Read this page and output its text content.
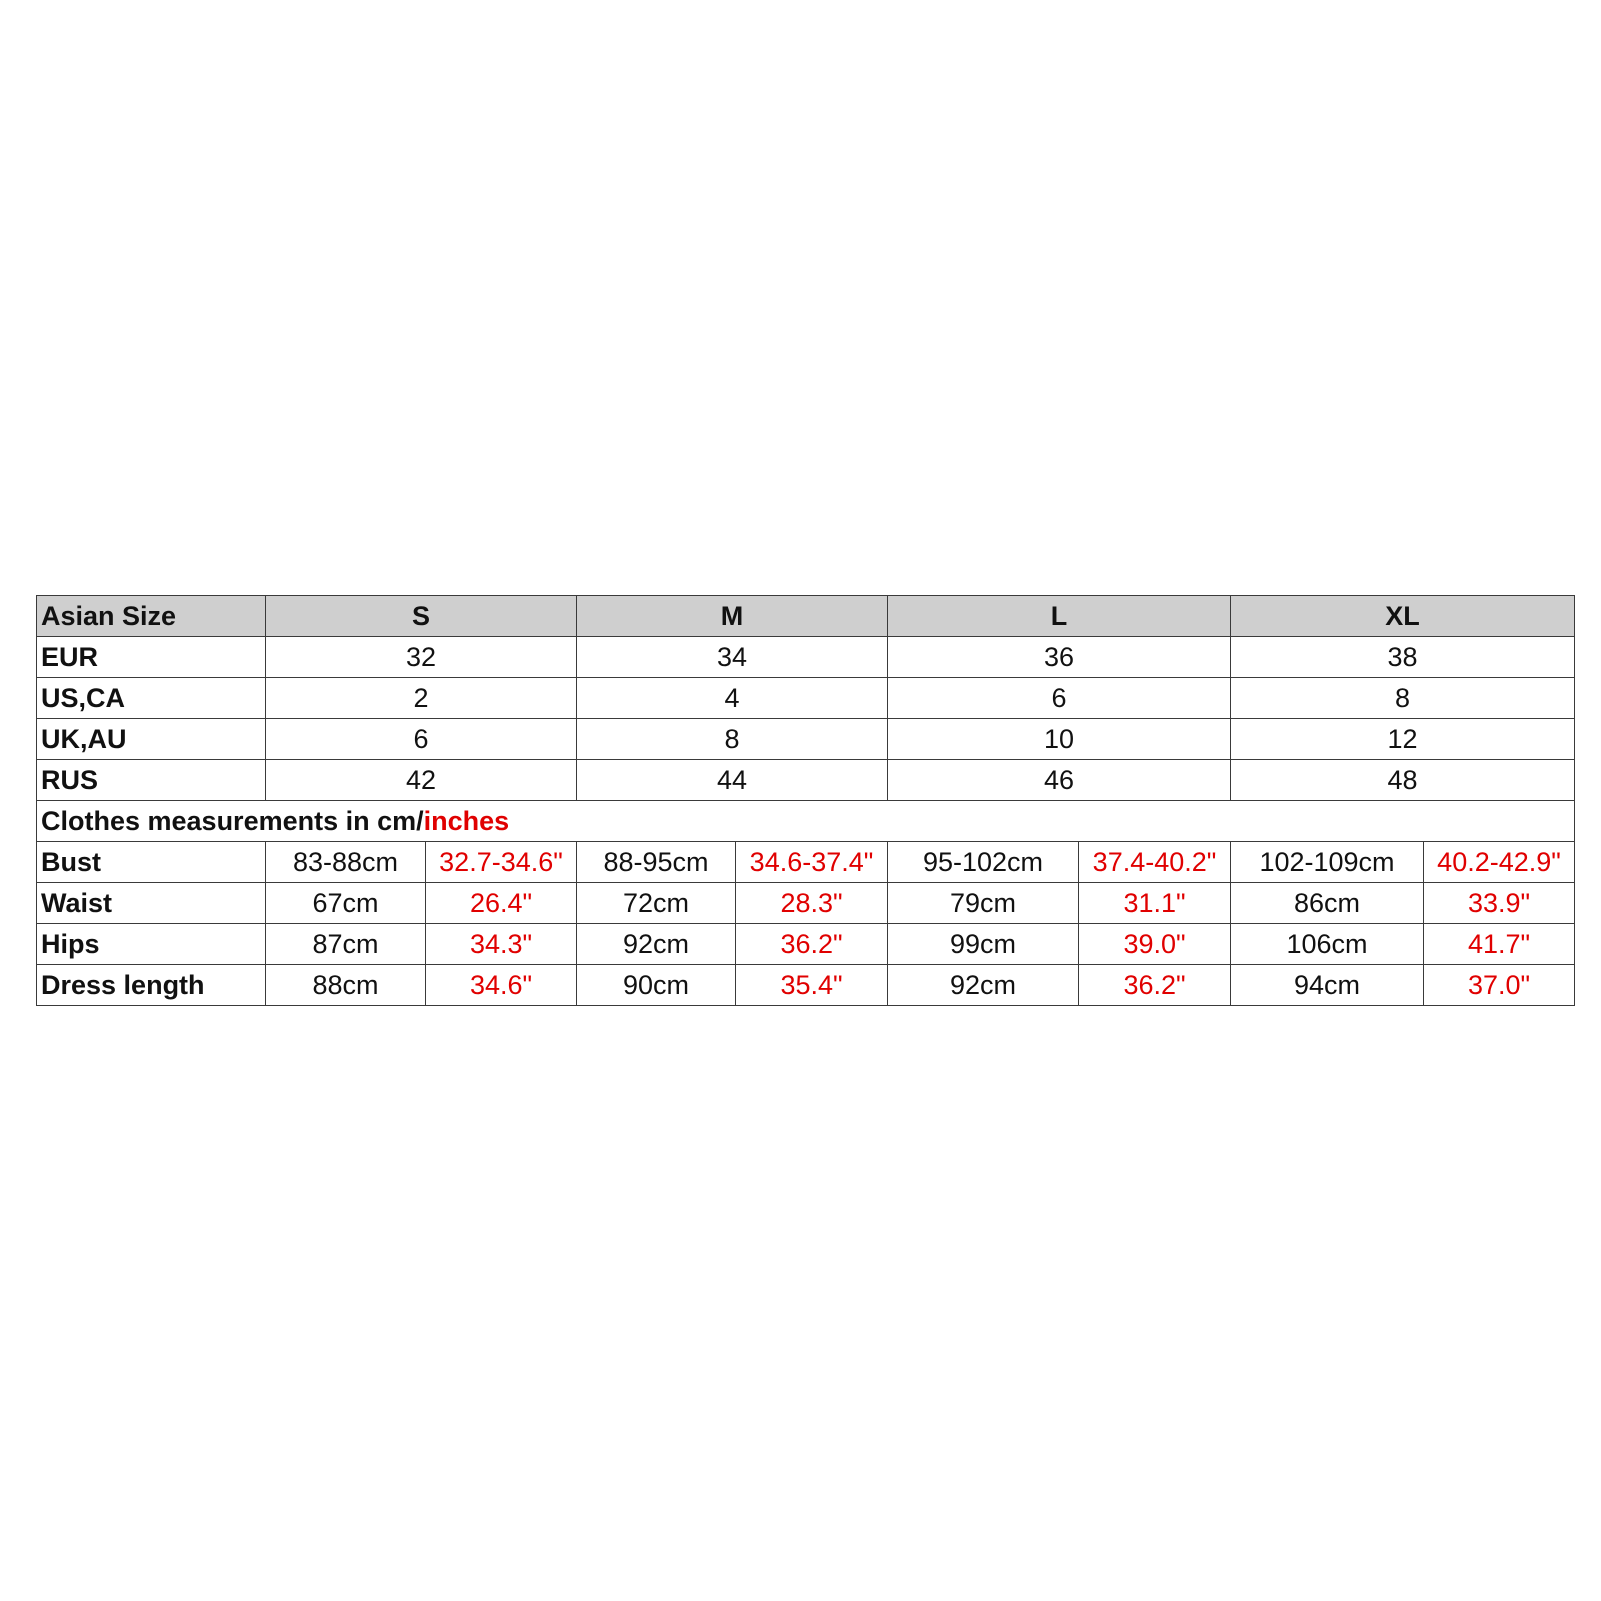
Asian Size	S		M		L		XL	
EUR	32		34		36		38	
US,CA	2		4		6		8	
UK,AU	6		8		10		12	
RUS	42		44		46		48	
Clothes measurements in cm/inches								
Bust	83-88cm	32.7-34.6"	88-95cm	34.6-37.4"	95-102cm	37.4-40.2"	102-109cm	40.2-42.9"
Waist	67cm	26.4"	72cm	28.3"	79cm	31.1"	86cm	33.9"
Hips	87cm	34.3"	92cm	36.2"	99cm	39.0"	106cm	41.7"
Dress length	88cm	34.6"	90cm	35.4"	92cm	36.2"	94cm	37.0"
